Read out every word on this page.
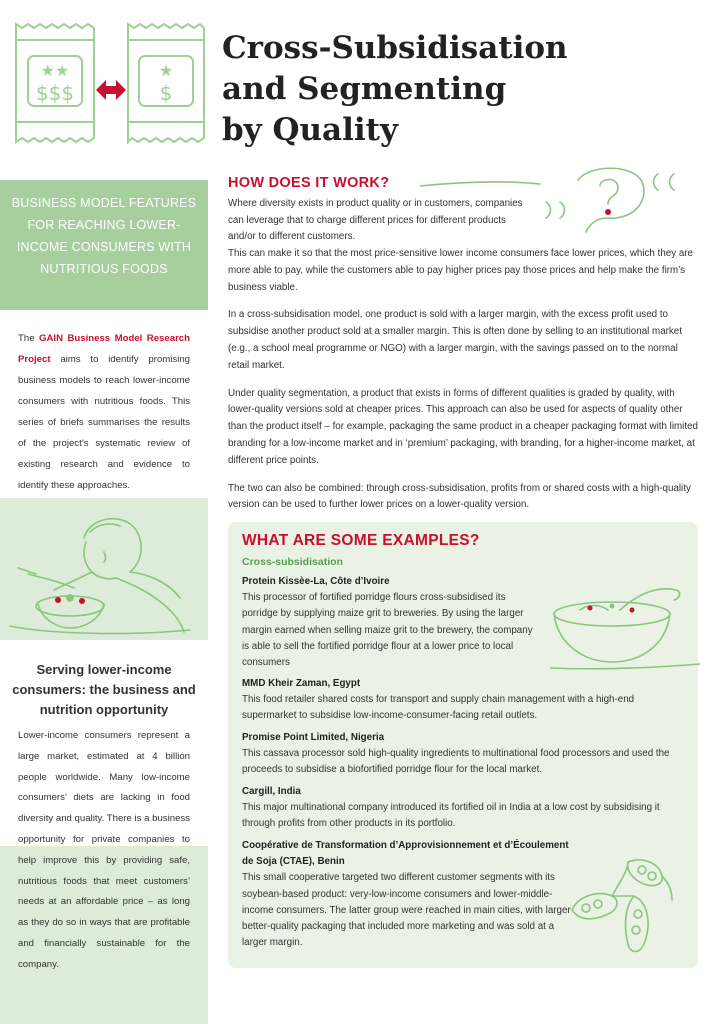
★★
$$$
★
$
Cross-Subsidisation
and Segmenting
by Quality
BUSINESS MODEL FEATURES FOR REACHING LOWER-INCOME CONSUMERS WITH NUTRITIOUS FOODS
The GAIN Business Model Research Project aims to identify promising business models to reach lower-income consumers with nutritious foods. This series of briefs summarises the results of the project’s systematic review of existing research and evidence to identify these approaches.
Serving lower-income consumers: the business and nutrition opportunity
Lower-income consumers represent a large market, estimated at 4 billion people worldwide. Many low-income consumers’ diets are lacking in food diversity and quality. There is a business opportunity for private companies to help improve this by providing safe, nutritious foods that meet customers’ needs at an affordable price – as long as they do so in ways that are profitable and financially sustainable for the company.
HOW DOES IT WORK?
Where diversity exists in product quality or in customers, companies can leverage that to charge different prices for different products and/or to different customers.

This can make it so that the most price-sensitive lower income consumers face lower prices, which they are more able to pay, while the customers able to pay higher prices pay those prices and help make the firm’s business viable.

In a cross-subsidisation model, one product is sold with a larger margin, with the excess profit used to subsidise another product sold at a smaller margin. This is often done by selling to an institutional market (e.g., a school meal programme or NGO) with a larger margin, with the savings passed on to the normal retail market.

Under quality segmentation, a product that exists in forms of different qualities is graded by quality, with lower-quality versions sold at cheaper prices. This approach can also be used for aspects of quality other than the product itself – for example, packaging the same product in a cheaper packaging format with limited branding for a low-income market and in ‘premium’ packaging, with branding, for a higher-income market, at different price points.

The two can also be combined: through cross-subsidisation, profits from or shared costs with a high-quality version can be used to further lower prices on a lower-quality version.

WHAT ARE SOME EXAMPLES?
Cross-subsidisation
Protein Kissèe-La, Côte d’Ivoire
This processor of fortified porridge flours cross-subsidised its porridge by supplying maize grit to breweries. By using the larger margin earned when selling maize grit to the brewery, the company is able to sell the fortified porridge flour at a lower price to local consumers
MMD Kheir Zaman, Egypt
This food retailer shared costs for transport and supply chain management with a high-end supermarket to subsidise low-income-consumer-facing retail outlets.
Promise Point Limited, Nigeria
This cassava processor sold high-quality ingredients to multinational food processors and used the proceeds to subsidise a biofortified porridge flour for the local market.
Cargill, India
This major multinational company introduced its fortified oil in India at a low cost by subsidising it through profits from other products in its portfolio.
Coopérative de Transformation d’Approvisionnement et d’Écoulement de Soja (CTAE), Benin
This small cooperative targeted two different customer segments with its soybean-based product: very-low-income consumers and lower-middle-income consumers. The latter group were reached in main cities, with larger better-quality packaging that included more marketing and was sold at a larger margin.
